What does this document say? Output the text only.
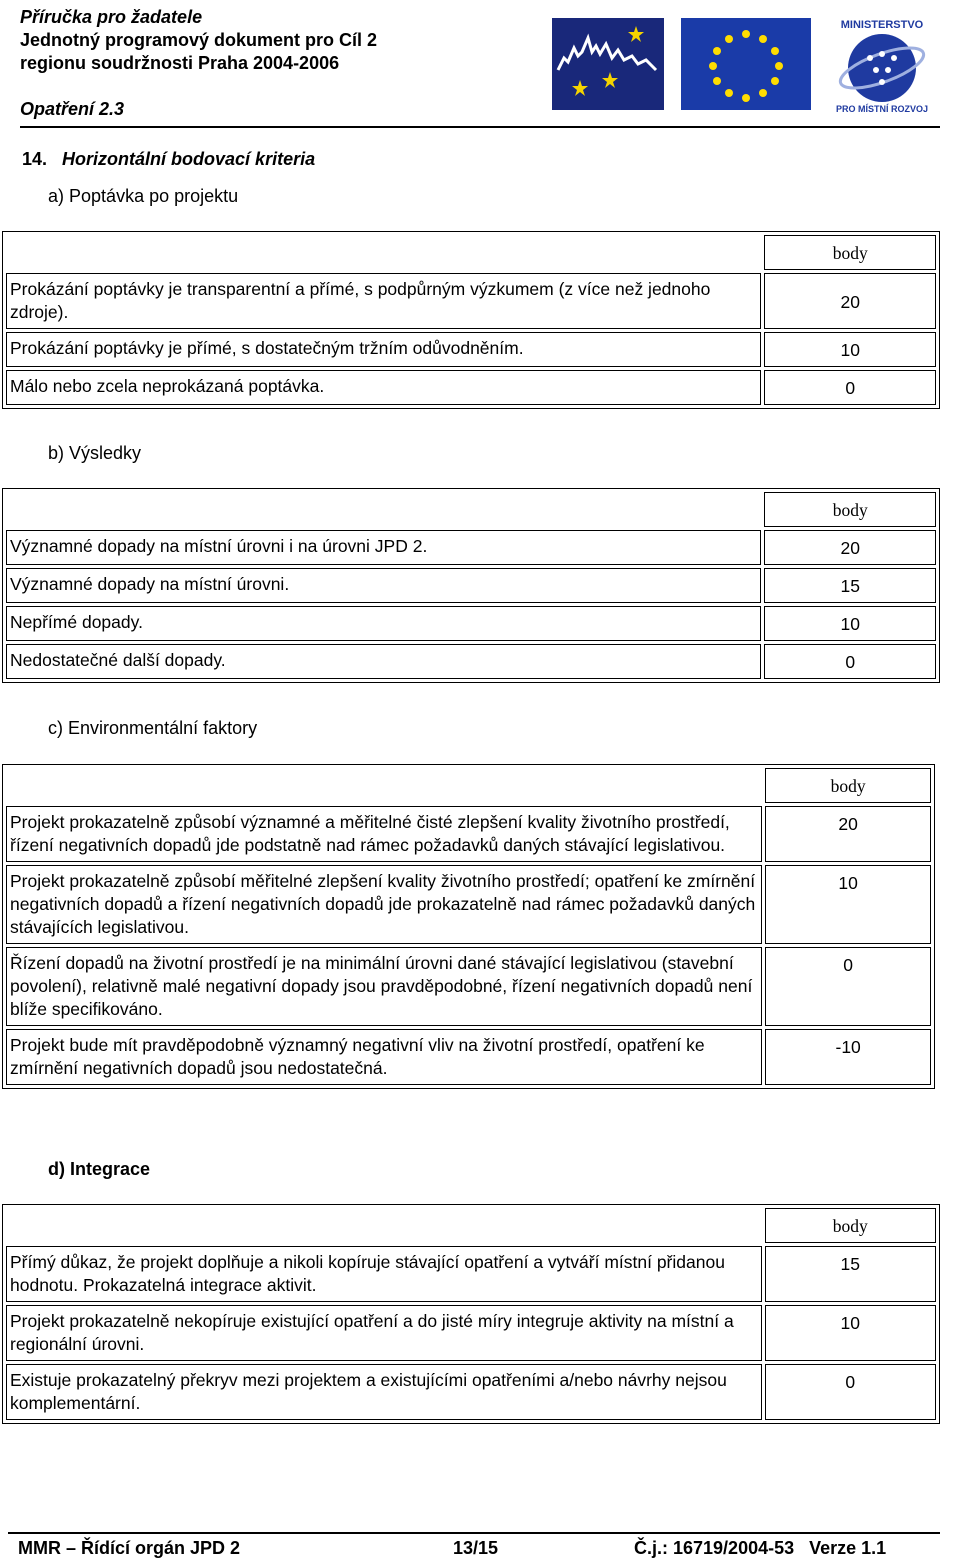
Příručka pro žadatele
Jednotný programový dokument pro Cíl 2
regionu soudržnosti Praha 2004-2006
Opatření 2.3
MINISTERSTVO
PRO MÍSTNÍ ROZVOJ
14. Horizontální bodovací kriteria
a) Poptávka po projektu
	body
Prokázání poptávky je transparentní a přímé, s podpůrným výzkumem (z více než jednoho zdroje).	20
Prokázání poptávky je přímé, s dostatečným tržním odůvodněním.	10
Málo nebo zcela neprokázaná poptávka.	0
b) Výsledky
	body
Významné dopady na místní úrovni i na úrovni JPD 2.	20
Významné dopady na místní úrovni.	15
Nepřímé dopady.	10
Nedostatečné další dopady.	0
c) Environmentální faktory
	body
Projekt prokazatelně způsobí významné a měřitelné čisté zlepšení kvality životního prostředí, řízení negativních dopadů jde podstatně nad rámec požadavků daných stávající legislativou.	20
Projekt prokazatelně způsobí měřitelné zlepšení kvality životního prostředí; opatření ke zmírnění negativních dopadů a řízení negativních dopadů jde prokazatelně nad rámec požadavků daných stávajících legislativou.	10
Řízení dopadů na životní prostředí je na minimální úrovni dané stávající legislativou (stavební povolení), relativně malé negativní dopady jsou pravděpodobné, řízení negativních dopadů není blíže specifikováno.	0
Projekt bude mít pravděpodobně významný negativní vliv na životní prostředí, opatření ke zmírnění negativních dopadů jsou nedostatečná.	-10
d) Integrace
	body
Přímý důkaz, že projekt doplňuje a nikoli kopíruje stávající opatření a vytváří místní přidanou hodnotu. Prokazatelná integrace aktivit.	15
Projekt prokazatelně nekopíruje existující opatření a do jisté míry integruje aktivity na místní a regionální úrovni.	10
Existuje prokazatelný překryv mezi projektem a existujícími opatřeními a/nebo návrhy nejsou komplementární.	0
MMR – Řídící orgán JPD 2	13/15	Č.j.: 16719/2004-53   Verze 1.1
